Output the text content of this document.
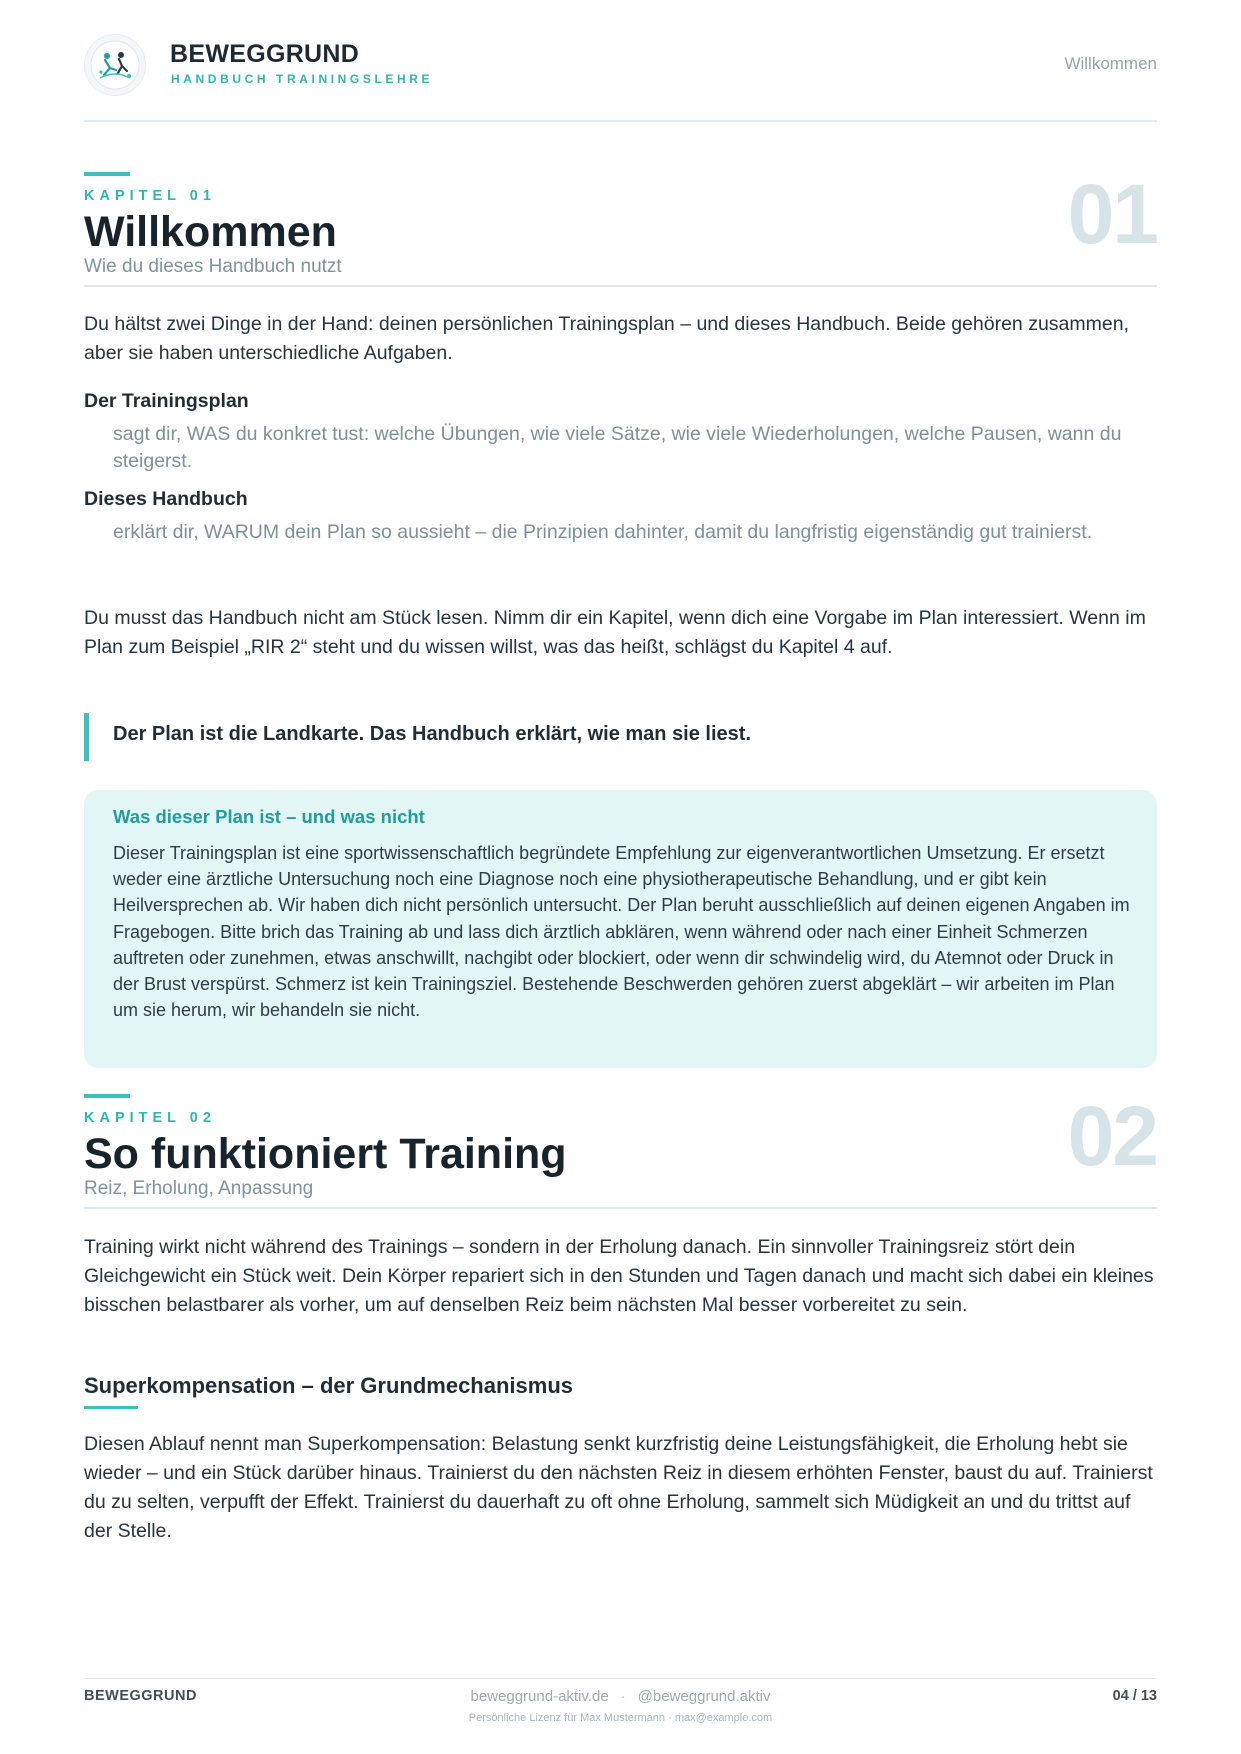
BEWEGGRUND
HANDBUCH TRAININGSLEHRE
Willkommen
KAPITEL 01
Willkommen
Wie du dieses Handbuch nutzt
01

Du hältst zwei Dinge in der Hand: deinen persönlichen Trainingsplan – und dieses Handbuch. Beide gehören zusammen, aber sie haben unterschiedliche Aufgaben.

Der Trainingsplan

sagt dir, WAS du konkret tust: welche Übungen, wie viele Sätze, wie viele Wiederholungen, welche Pausen, wann du steigerst.

Dieses Handbuch

erklärt dir, WARUM dein Plan so aussieht – die Prinzipien dahinter, damit du langfristig eigenständig gut trainierst.

Du musst das Handbuch nicht am Stück lesen. Nimm dir ein Kapitel, wenn dich eine Vorgabe im Plan interessiert. Wenn im Plan zum Beispiel „RIR 2“ steht und du wissen willst, was das heißt, schlägst du Kapitel 4 auf.

Der Plan ist die Landkarte. Das Handbuch erklärt, wie man sie liest.
Was dieser Plan ist – und was nicht

Dieser Trainingsplan ist eine sportwissenschaftlich begründete Empfehlung zur eigenverantwortlichen Umsetzung. Er ersetzt weder eine ärztliche Untersuchung noch eine Diagnose noch eine physiotherapeutische Behandlung, und er gibt kein Heilversprechen ab. Wir haben dich nicht persönlich untersucht. Der Plan beruht ausschließlich auf deinen eigenen Angaben im Fragebogen. Bitte brich das Training ab und lass dich ärztlich abklären, wenn während oder nach einer Einheit Schmerzen auftreten oder zunehmen, etwas anschwillt, nachgibt oder blockiert, oder wenn dir schwindelig wird, du Atemnot oder Druck in der Brust verspürst. Schmerz ist kein Trainingsziel. Bestehende Beschwerden gehören zuerst abgeklärt – wir arbeiten im Plan um sie herum, wir behandeln sie nicht.

KAPITEL 02
So funktioniert Training
Reiz, Erholung, Anpassung
02

Training wirkt nicht während des Trainings – sondern in der Erholung danach. Ein sinnvoller Trainingsreiz stört dein Gleichgewicht ein Stück weit. Dein Körper repariert sich in den Stunden und Tagen danach und macht sich dabei ein kleines bisschen belastbarer als vorher, um auf denselben Reiz beim nächsten Mal besser vorbereitet zu sein.

Superkompensation – der Grundmechanismus

Diesen Ablauf nennt man Superkompensation: Belastung senkt kurzfristig deine Leistungsfähigkeit, die Erholung hebt sie wieder – und ein Stück darüber hinaus. Trainierst du den nächsten Reiz in diesem erhöhten Fenster, baust du auf. Trainierst du zu selten, verpufft der Effekt. Trainierst du dauerhaft zu oft ohne Erholung, sammelt sich Müdigkeit an und du trittst auf der Stelle.

BEWEGGRUND	beweggrund-aktiv.de · @beweggrund.aktiv
Persönliche Lizenz für Max Mustermann · max@example.com
04 / 13
